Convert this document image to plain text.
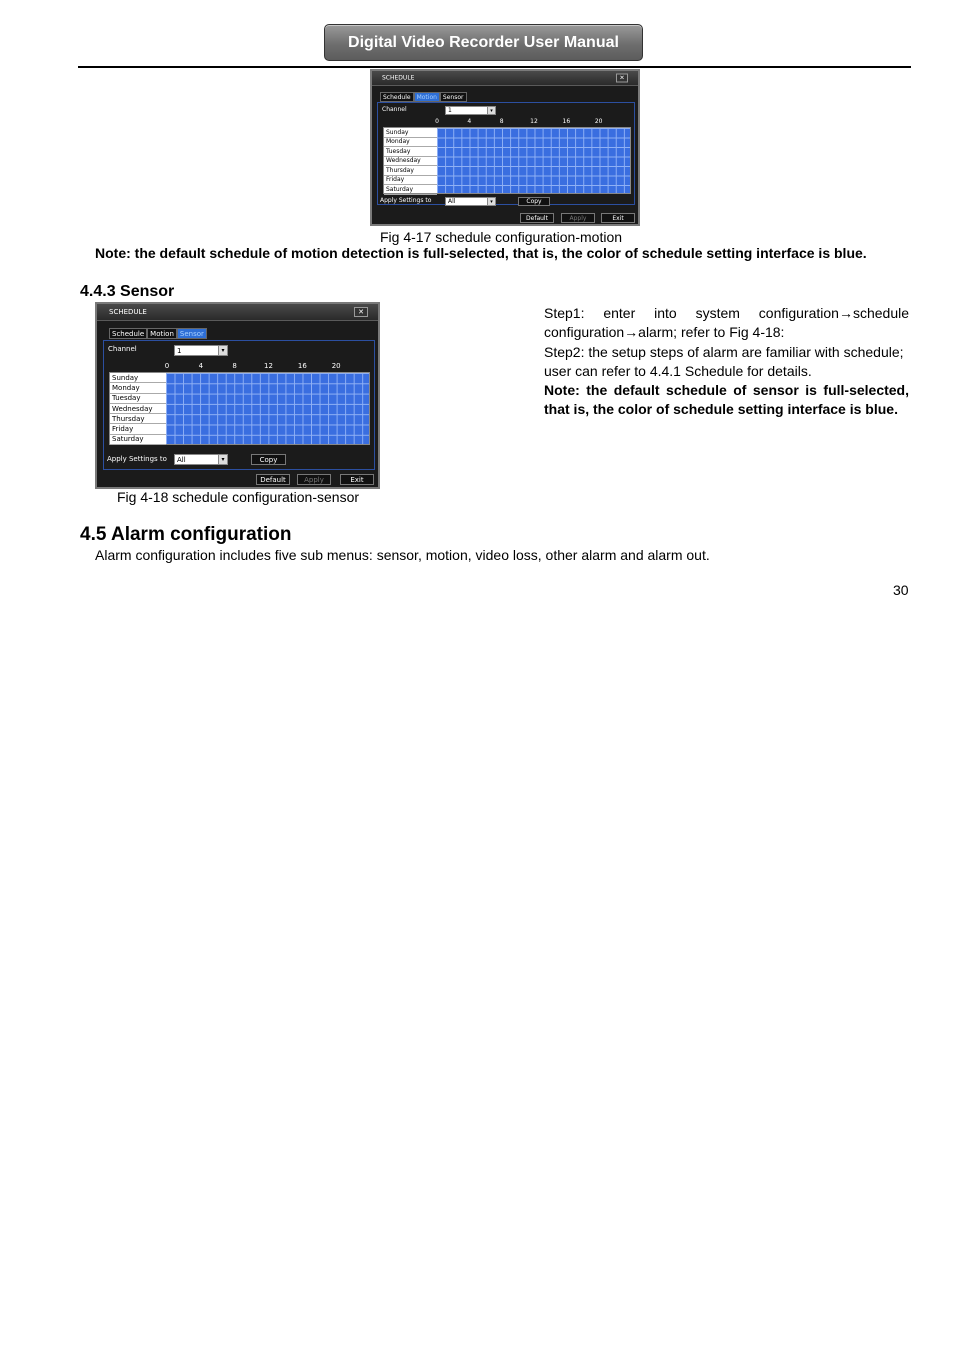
Digital Video Recorder User Manual
SCHEDULE	✕
Schedule	Motion	Sensor
Channel	1	▾
0	4	8	12	16	20
Sunday
Monday
Tuesday
Wednesday
Thursday
Friday
Saturday
Apply Settings to	All	▾	Copy
Default	Apply	Exit
Fig 4-17 schedule configuration-motion
Note: the default schedule of motion detection is full-selected, that is, the color of schedule setting interface is blue.
4.4.3 Sensor
SCHEDULE	✕
Schedule Motion Sensor
Channel	1	▾
0	4	8	12	16	20
Sunday
Monday
Tuesday
Wednesday
Thursday
Friday
Saturday
Apply Settings to All	▾	Copy
Default	Apply	Exit
Fig 4-18 schedule configuration-sensor
Step1: enter into system configuration→schedule configuration→alarm; refer to Fig 4-18:
Step2: the setup steps of alarm are familiar with schedule; user can refer to 4.4.1 Schedule for details.
Note: the default schedule of sensor is full-selected, that is, the color of schedule setting interface is blue.
4.5 Alarm configuration
Alarm configuration includes five sub menus: sensor, motion, video loss, other alarm and alarm out.
30
